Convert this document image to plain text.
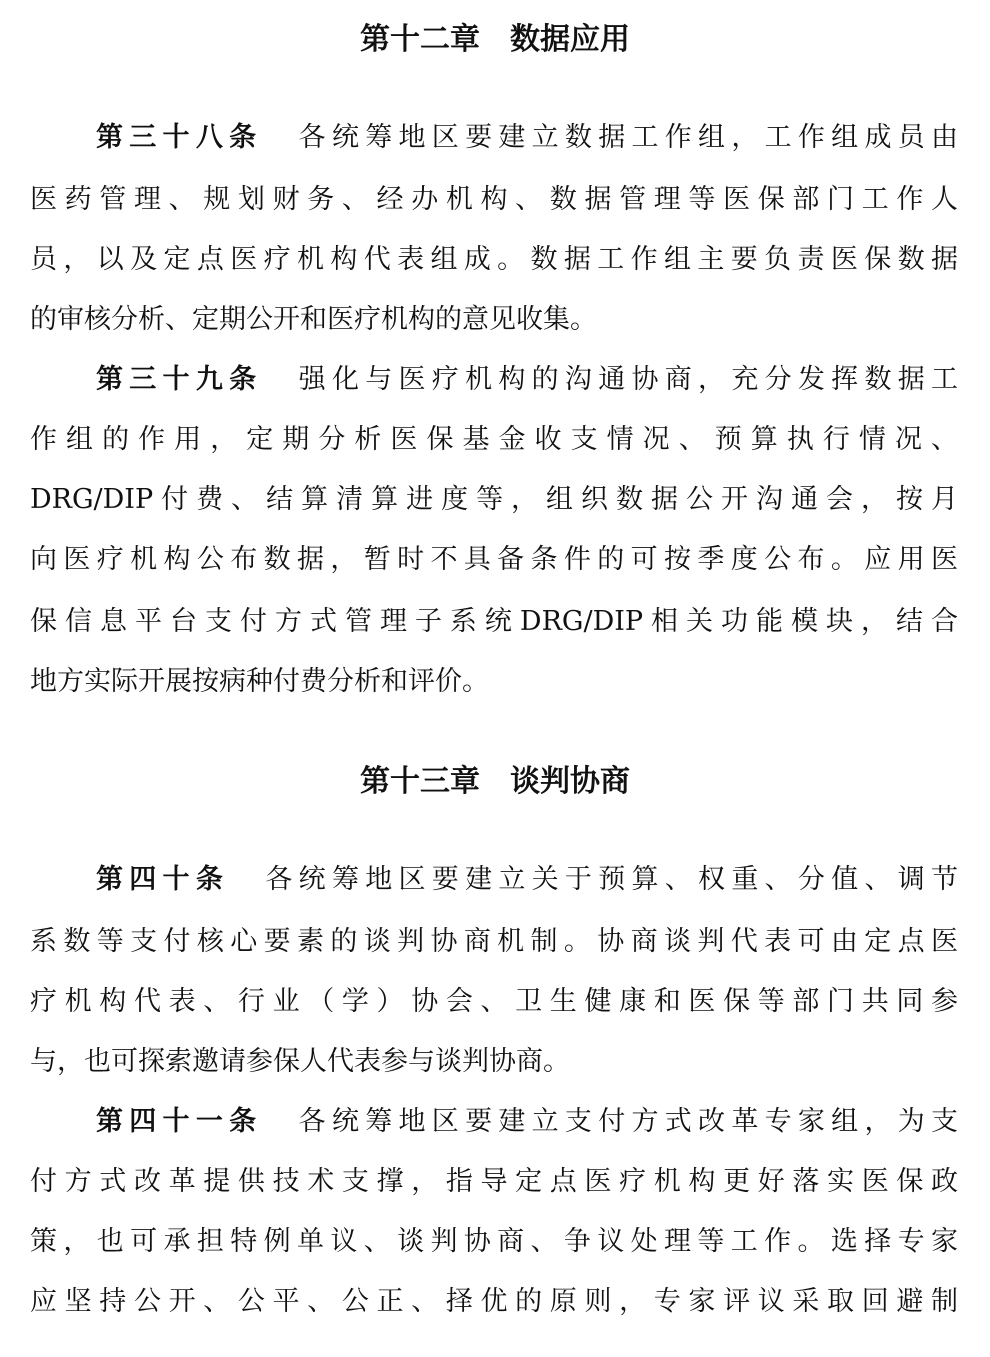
第十二章　数据应用
第三十八条 各统筹地区要建立数据工作组，工作组成员由
医药管理、规划财务、经办机构、数据管理等医保部门工作人
员，以及定点医疗机构代表组成。数据工作组主要负责医保数据
的审核分析、定期公开和医疗机构的意见收集。
第三十九条 强化与医疗机构的沟通协商，充分发挥数据工
作组的作用，定期分析医保基金收支情况、预算执行情况、
DRG/DIP付费、结算清算进度等，组织数据公开沟通会，按月
向医疗机构公布数据，暂时不具备条件的可按季度公布。应用医
保信息平台支付方式管理子系统DRG/DIP相关功能模块，结合
地方实际开展按病种付费分析和评价。
第十三章　谈判协商
第四十条 各统筹地区要建立关于预算、权重、分值、调节
系数等支付核心要素的谈判协商机制。协商谈判代表可由定点医
疗机构代表、行业（学）协会、卫生健康和医保等部门共同参
与，也可探索邀请参保人代表参与谈判协商。
第四十一条 各统筹地区要建立支付方式改革专家组，为支
付方式改革提供技术支撑，指导定点医疗机构更好落实医保政
策，也可承担特例单议、谈判协商、争议处理等工作。选择专家
应坚持公开、公平、公正、择优的原则，专家评议采取回避制
